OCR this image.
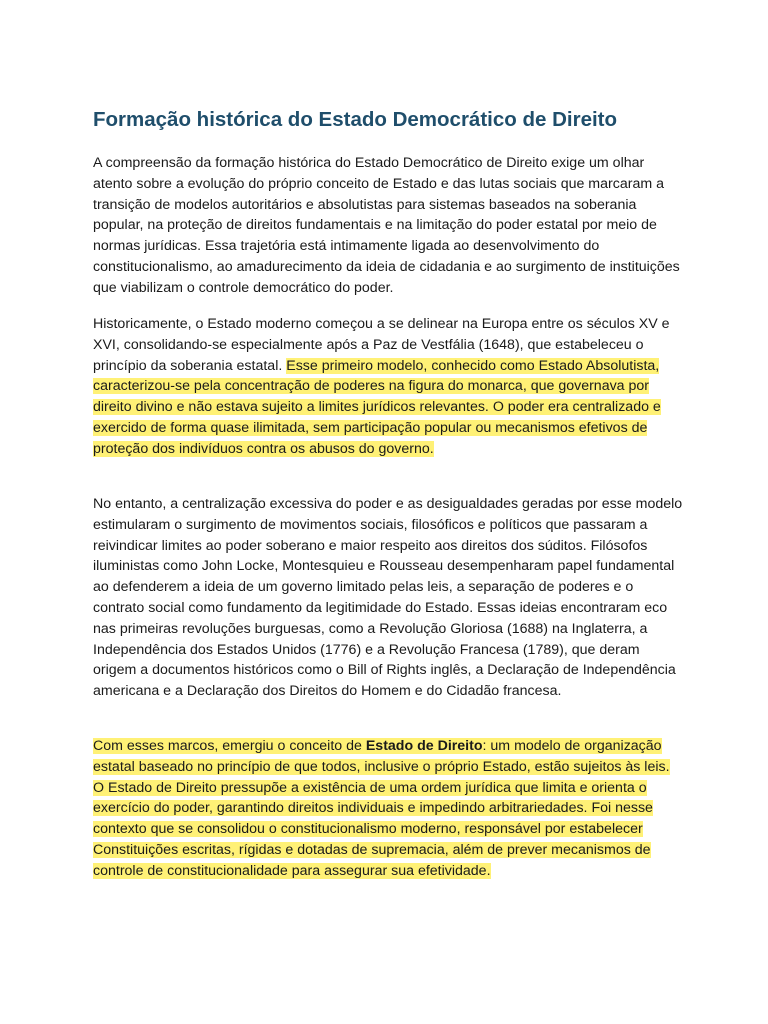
Formação histórica do Estado Democrático de Direito

A compreensão da formação histórica do Estado Democrático de Direito exige um olhar atento sobre a evolução do próprio conceito de Estado e das lutas sociais que marcaram a transição de modelos autoritários e absolutistas para sistemas baseados na soberania popular, na proteção de direitos fundamentais e na limitação do poder estatal por meio de normas jurídicas. Essa trajetória está intimamente ligada ao desenvolvimento do constitucionalismo, ao amadurecimento da ideia de cidadania e ao surgimento de instituições que viabilizam o controle democrático do poder.

Historicamente, o Estado moderno começou a se delinear na Europa entre os séculos XV e XVI, consolidando-se especialmente após a Paz de Vestfália (1648), que estabeleceu o princípio da soberania estatal. Esse primeiro modelo, conhecido como Estado Absolutista, caracterizou-se pela concentração de poderes na figura do monarca, que governava por direito divino e não estava sujeito a limites jurídicos relevantes. O poder era centralizado e exercido de forma quase ilimitada, sem participação popular ou mecanismos efetivos de proteção dos indivíduos contra os abusos do governo.

No entanto, a centralização excessiva do poder e as desigualdades geradas por esse modelo estimularam o surgimento de movimentos sociais, filosóficos e políticos que passaram a reivindicar limites ao poder soberano e maior respeito aos direitos dos súditos. Filósofos iluministas como John Locke, Montesquieu e Rousseau desempenharam papel fundamental ao defenderem a ideia de um governo limitado pelas leis, a separação de poderes e o contrato social como fundamento da legitimidade do Estado. Essas ideias encontraram eco nas primeiras revoluções burguesas, como a Revolução Gloriosa (1688) na Inglaterra, a Independência dos Estados Unidos (1776) e a Revolução Francesa (1789), que deram origem a documentos históricos como o Bill of Rights inglês, a Declaração de Independência americana e a Declaração dos Direitos do Homem e do Cidadão francesa.

Com esses marcos, emergiu o conceito de Estado de Direito: um modelo de organização estatal baseado no princípio de que todos, inclusive o próprio Estado, estão sujeitos às leis. O Estado de Direito pressupõe a existência de uma ordem jurídica que limita e orienta o exercício do poder, garantindo direitos individuais e impedindo arbitrariedades. Foi nesse contexto que se consolidou o constitucionalismo moderno, responsável por estabelecer Constituições escritas, rígidas e dotadas de supremacia, além de prever mecanismos de controle de constitucionalidade para assegurar sua efetividade.
